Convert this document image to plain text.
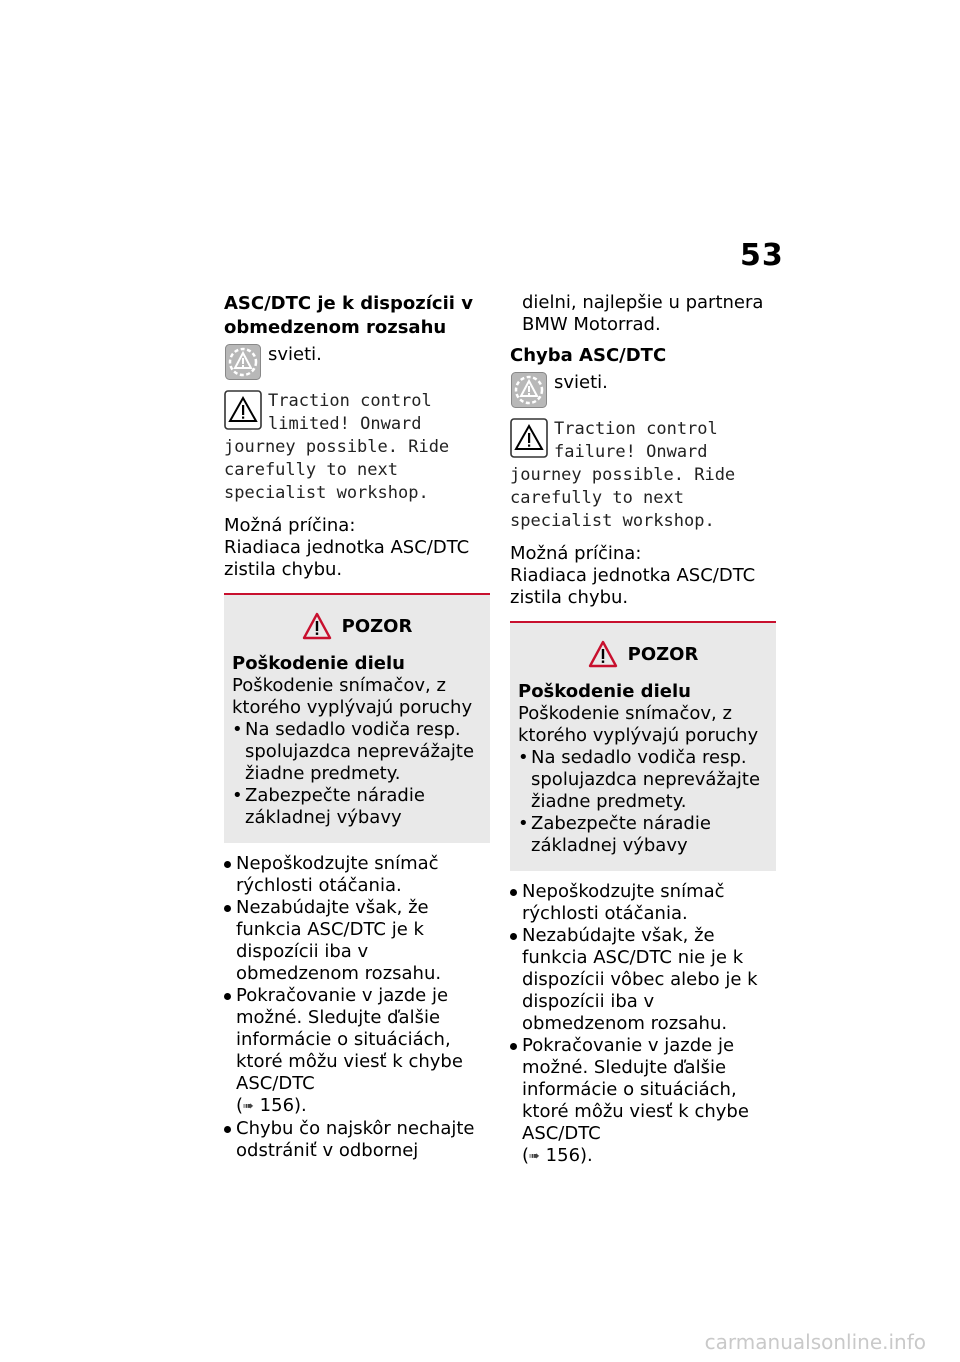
53

ASC/DTC je k dispozícii v obmedzenom rozsahu

svieti.
Traction control limited! Onward journey possible. Ride carefully to next specialist workshop.
Možná príčina:
Riadiaca jednotka ASC/DTC zistila chybu.
POZOR
Poškodenie dielu
Poškodenie snímačov, z ktorého vyplývajú poruchy
• Na sedadlo vodiča resp. spolujazdca neprevážajte žiadne predmety.
• Zabezpečte náradie základnej výbavy
Nepoškodzujte snímač rýchlosti otáčania.
Nezabúdajte však, že funkcia ASC/DTC je k dispozícii iba v obmedzenom rozsahu.
Pokračovanie v jazde je možné. Sledujte ďalšie informácie o situáciách, ktoré môžu viesť k chybe ASC/DTC
(➠ 156).
Chybu čo najskôr nechajte odstrániť v odbornej
dielni, najlepšie u partnera BMW Motorrad.

Chyba ASC/DTC

svieti.
Traction control failure! Onward journey possible. Ride carefully to next specialist workshop.
Možná príčina:
Riadiaca jednotka ASC/DTC zistila chybu.
POZOR
Poškodenie dielu
Poškodenie snímačov, z ktorého vyplývajú poruchy
• Na sedadlo vodiča resp. spolujazdca neprevážajte žiadne predmety.
• Zabezpečte náradie základnej výbavy
Nepoškodzujte snímač rýchlosti otáčania.
Nezabúdajte však, že funkcia ASC/DTC nie je k dispozícii vôbec alebo je k dispozícii iba v obmedzenom rozsahu.
Pokračovanie v jazde je možné. Sledujte ďalšie informácie o situáciách, ktoré môžu viesť k chybe ASC/DTC
(➠ 156).
carmanualsonline.info
